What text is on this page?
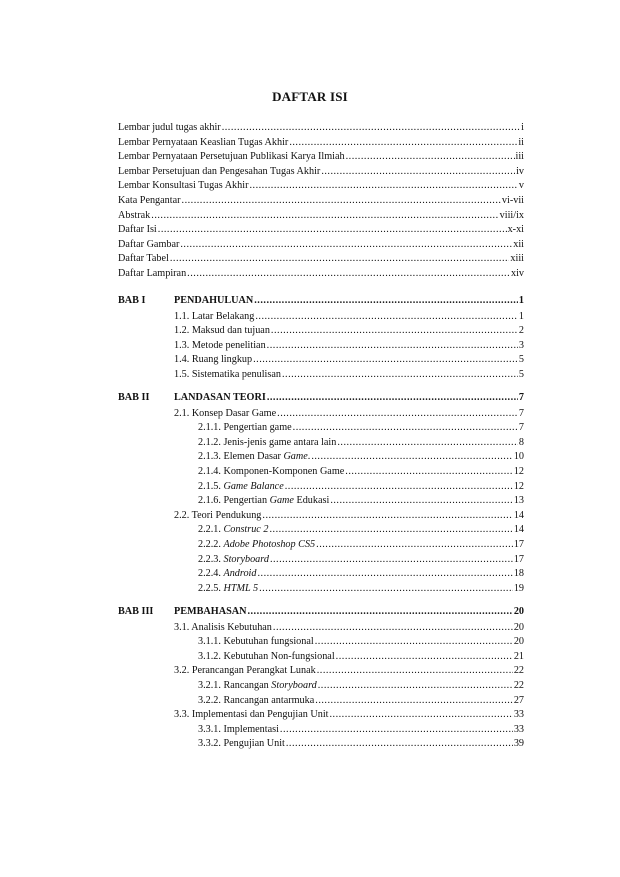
DAFTAR ISI
Lembar judul tugas akhir .....	i
Lembar Pernyataan Keaslian Tugas Akhir .....	ii
Lembar Pernyataan Persetujuan Publikasi Karya Ilmiah .....	iii
Lembar Persetujuan dan Pengesahan Tugas Akhir .....	iv
Lembar Konsultasi Tugas Akhir .....	v
Kata Pengantar .....	vi-vii
Abstrak .....	viii/ix
Daftar Isi .....	x-xi
Daftar Gambar .....	xii
Daftar Tabel .....	xiii
Daftar Lampiran .....	xiv
BAB I	PENDAHULUAN .....	1
1.1. Latar Belakang .....	1
1.2. Maksud dan tujuan .....	2
1.3. Metode penelitian .....	3
1.4. Ruang lingkup .....	5
1.5. Sistematika penulisan .....	5
BAB II LANDASAN TEORI .....	7
2.1. Konsep Dasar Game .....	7
2.1.1. Pengertian game .....	7
2.1.2. Jenis-jenis game antara lain .....	8
2.1.3. Elemen Dasar Game. .....	10
2.1.4. Komponen-Komponen Game .....	12
2.1.5. Game Balance .....	12
2.1.6. Pengertian Game Edukasi .....	13
2.2. Teori Pendukung .....	14
2.2.1. Construc 2 .....	14
2.2.2. Adobe Photoshop CS5 .....	17
2.2.3. Storyboard .....	17
2.2.4. Android .....	18
2.2.5. HTML 5 .....	19
BAB III PEMBAHASAN .....	20
3.1. Analisis Kebutuhan .....	20
3.1.1. Kebutuhan fungsional .....	20
3.1.2. Kebutuhan Non-fungsional .....	21
3.2. Perancangan Perangkat Lunak .....	22
3.2.1. Rancangan Storyboard .....	22
3.2.2. Rancangan antarmuka .....	27
3.3. Implementasi dan Pengujian Unit .....	33
3.3.1. Implementasi .....	33
3.3.2. Pengujian Unit .....	39
